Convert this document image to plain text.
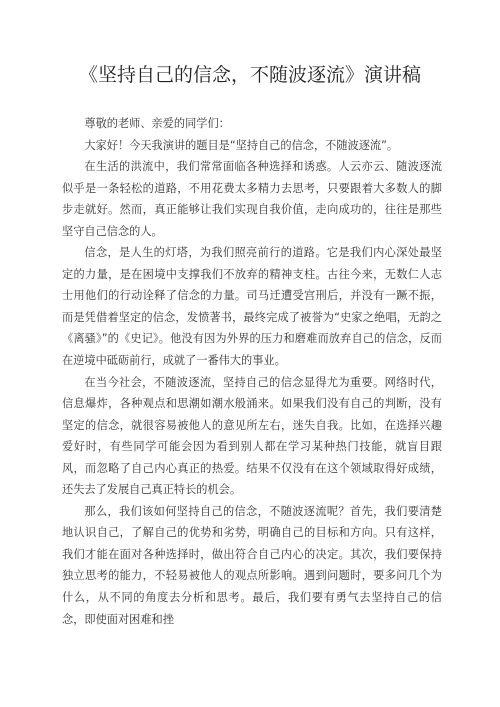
《坚持自己的信念，不随波逐流》演讲稿

尊敬的老师、亲爱的同学们：

大家好！今天我演讲的题目是“坚持自己的信念，不随波逐流”。

在生活的洪流中，我们常常面临各种选择和诱惑。人云亦云、随波逐流似乎是一条轻松的道路，不用花费太多精力去思考，只要跟着大多数人的脚步走就好。然而，真正能够让我们实现自我价值，走向成功的，往往是那些坚守自己信念的人。

信念，是人生的灯塔，为我们照亮前行的道路。它是我们内心深处最坚定的力量，是在困境中支撑我们不放弃的精神支柱。古往今来，无数仁人志士用他们的行动诠释了信念的力量。司马迁遭受宫刑后，并没有一蹶不振，而是凭借着坚定的信念，发愤著书，最终完成了被誉为“史家之绝唱，无韵之《离骚》”的《史记》。他没有因为外界的压力和磨难而放弃自己的信念，反而在逆境中砥砺前行，成就了一番伟大的事业。

在当今社会，不随波逐流，坚持自己的信念显得尤为重要。网络时代，信息爆炸，各种观点和思潮如潮水般涌来。如果我们没有自己的判断，没有坚定的信念，就很容易被他人的意见所左右，迷失自我。比如，在选择兴趣爱好时，有些同学可能会因为看到别人都在学习某种热门技能，就盲目跟风，而忽略了自己内心真正的热爱。结果不仅没有在这个领域取得好成绩，还失去了发展自己真正特长的机会。

那么，我们该如何坚持自己的信念，不随波逐流呢？首先，我们要清楚地认识自己，了解自己的优势和劣势，明确自己的目标和方向。只有这样，我们才能在面对各种选择时，做出符合自己内心的决定。其次，我们要保持独立思考的能力，不轻易被他人的观点所影响。遇到问题时，要多问几个为什么，从不同的角度去分析和思考。最后，我们要有勇气去坚持自己的信念，即使面对困难和挫
